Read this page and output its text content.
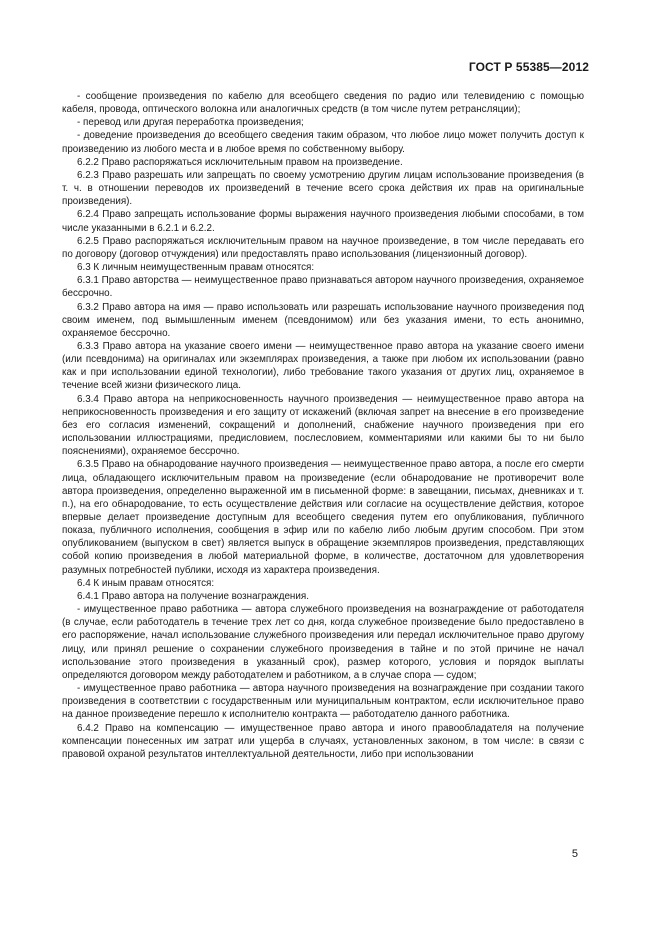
ГОСТ Р 55385—2012

- сообщение произведения по кабелю для всеобщего сведения по радио или телевидению с помощью кабеля, провода, оптического волокна или аналогичных средств (в том числе путем ретрансляции);

- перевод или другая переработка произведения;

- доведение произведения до всеобщего сведения таким образом, что любое лицо может получить доступ к произведению из любого места и в любое время по собственному выбору.

6.2.2 Право распоряжаться исключительным правом на произведение.

6.2.3 Право разрешать или запрещать по своему усмотрению другим лицам использование произведения (в т. ч. в отношении переводов их произведений в течение всего срока действия их прав на оригинальные произведения).

6.2.4 Право запрещать использование формы выражения научного произведения любыми способами, в том числе указанными в 6.2.1 и 6.2.2.

6.2.5 Право распоряжаться исключительным правом на научное произведение, в том числе передавать его по договору (договор отчуждения) или предоставлять право использования (лицензионный договор).

6.3 К личным неимущественным правам относятся:

6.3.1 Право авторства — неимущественное право признаваться автором научного произведения, охраняемое бессрочно.

6.3.2 Право автора на имя — право использовать или разрешать использование научного произведения под своим именем, под вымышленным именем (псевдонимом) или без указания имени, то есть анонимно, охраняемое бессрочно.

6.3.3 Право автора на указание своего имени — неимущественное право автора на указание своего имени (или псевдонима) на оригиналах или экземплярах произведения, а также при любом их использовании (равно как и при использовании единой технологии), либо требование такого указания от других лиц, охраняемое в течение всей жизни физического лица.

6.3.4 Право автора на неприкосновенность научного произведения — неимущественное право автора на неприкосновенность произведения и его защиту от искажений (включая запрет на внесение в его произведение без его согласия изменений, сокращений и дополнений, снабжение научного произведения при его использовании иллюстрациями, предисловием, послесловием, комментариями или какими бы то ни было пояснениями), охраняемое бессрочно.

6.3.5 Право на обнародование научного произведения — неимущественное право автора, а после его смерти лица, обладающего исключительным правом на произведение (если обнародование не противоречит воле автора произведения, определенно выраженной им в письменной форме: в завещании, письмах, дневниках и т. п.), на его обнародование, то есть осуществление действия или согласие на осуществление действия, которое впервые делает произведение доступным для всеобщего сведения путем его опубликования, публичного показа, публичного исполнения, сообщения в эфир или по кабелю либо любым другим способом. При этом опубликованием (выпуском в свет) является выпуск в обращение экземпляров произведения, представляющих собой копию произведения в любой материальной форме, в количестве, достаточном для удовлетворения разумных потребностей публики, исходя из характера произведения.

6.4 К иным правам относятся:

6.4.1 Право автора на получение вознаграждения.

- имущественное право работника — автора служебного произведения на вознаграждение от работодателя (в случае, если работодатель в течение трех лет со дня, когда служебное произведение было предоставлено в его распоряжение, начал использование служебного произведения или передал исключительное право другому лицу, или принял решение о сохранении служебного произведения в тайне и по этой причине не начал использование этого произведения в указанный срок), размер которого, условия и порядок выплаты определяются договором между работодателем и работником, а в случае спора — судом;

- имущественное право работника — автора научного произведения на вознаграждение при создании такого произведения в соответствии с государственным или муниципальным контрактом, если исключительное право на данное произведение перешло к исполнителю контракта — работодателю данного работника.

6.4.2 Право на компенсацию — имущественное право автора и иного правообладателя на получение компенсации понесенных им затрат или ущерба в случаях, установленных законом, в том числе: в связи с правовой охраной результатов интеллектуальной деятельности, либо при использовании

5
